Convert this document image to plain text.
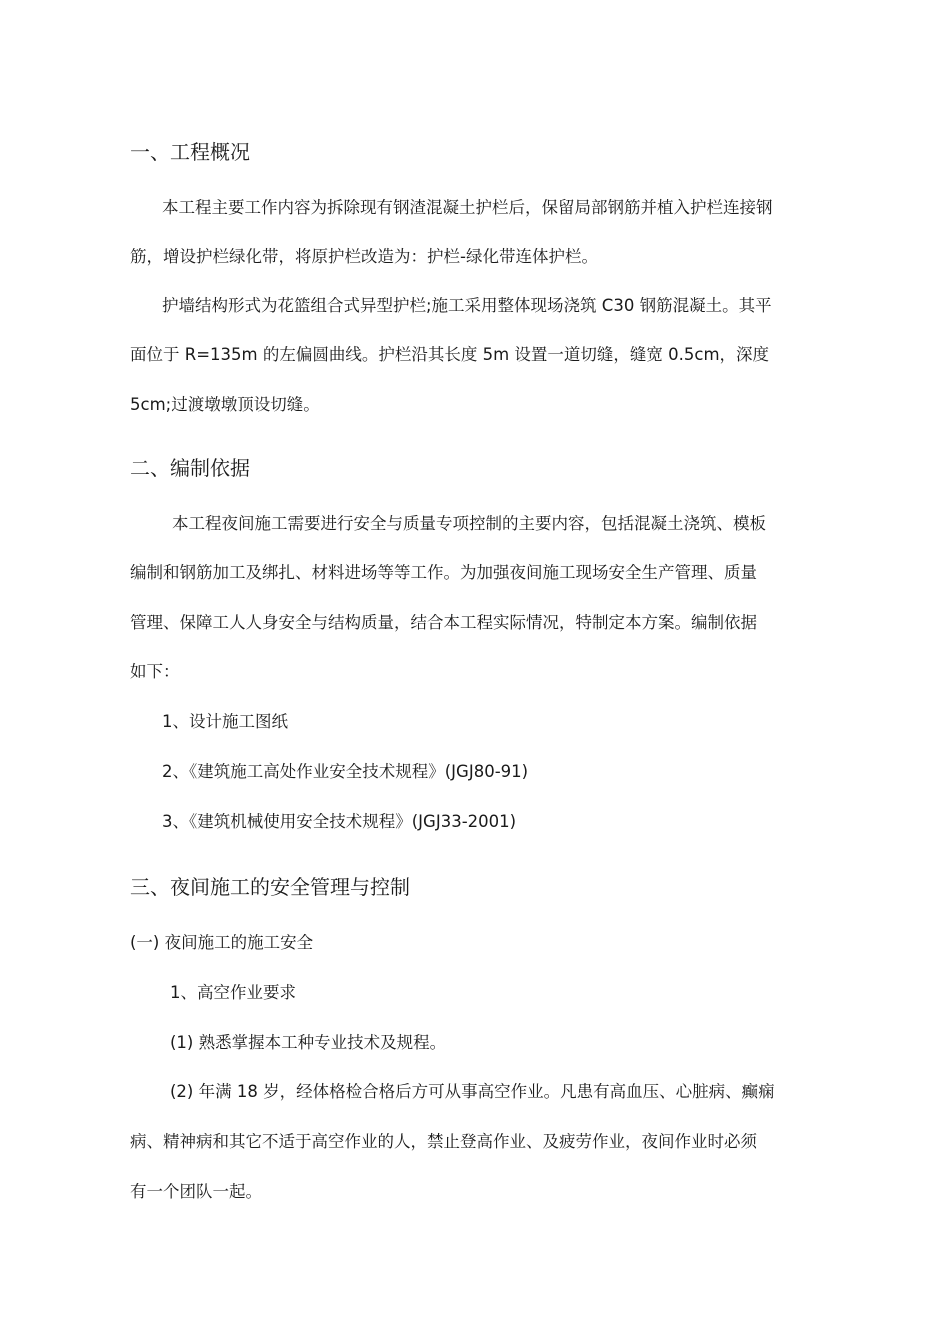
一、工程概况
本工程主要工作内容为拆除现有钢渣混凝土护栏后，保留局部钢筋并植入护栏连接钢
筋，增设护栏绿化带，将原护栏改造为：护栏-绿化带连体护栏。
护墙结构形式为花篮组合式异型护栏;施工采用整体现场浇筑 C30 钢筋混凝土。其平
面位于 R=135m 的左偏圆曲线。护栏沿其长度 5m 设置一道切缝，缝宽 0.5cm，深度
5cm;过渡墩墩顶设切缝。
二、编制依据
本工程夜间施工需要进行安全与质量专项控制的主要内容，包括混凝土浇筑、模板
编制和钢筋加工及绑扎、材料进场等等工作。为加强夜间施工现场安全生产管理、质量
管理、保障工人人身安全与结构质量，结合本工程实际情况，特制定本方案。编制依据
如下：
1、设计施工图纸
2、《建筑施工高处作业安全技术规程》(JGJ80-91)
3、《建筑机械使用安全技术规程》(JGJ33-2001)
三、夜间施工的安全管理与控制
(一) 夜间施工的施工安全
1、高空作业要求
(1) 熟悉掌握本工种专业技术及规程。
(2) 年满 18 岁，经体格检合格后方可从事高空作业。凡患有高血压、心脏病、癫痫
病、精神病和其它不适于高空作业的人，禁止登高作业、及疲劳作业，夜间作业时必须
有一个团队一起。
